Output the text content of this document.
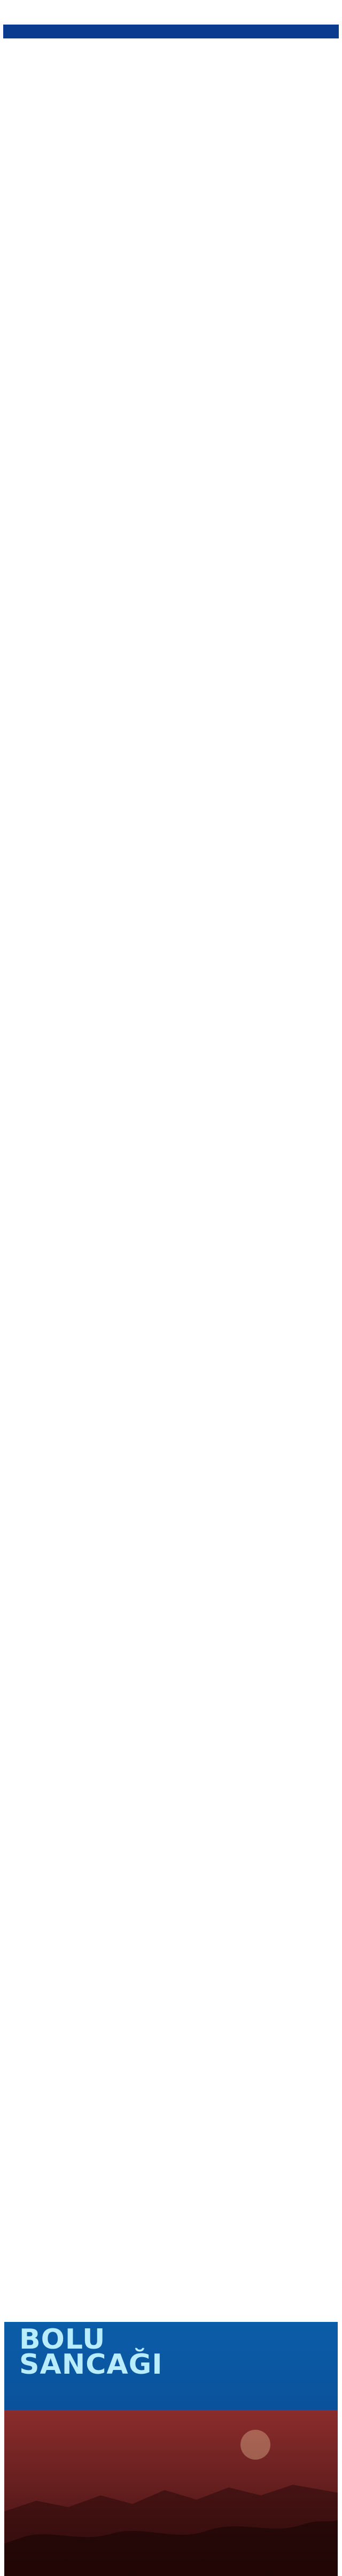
BOLU SANCAĞI
